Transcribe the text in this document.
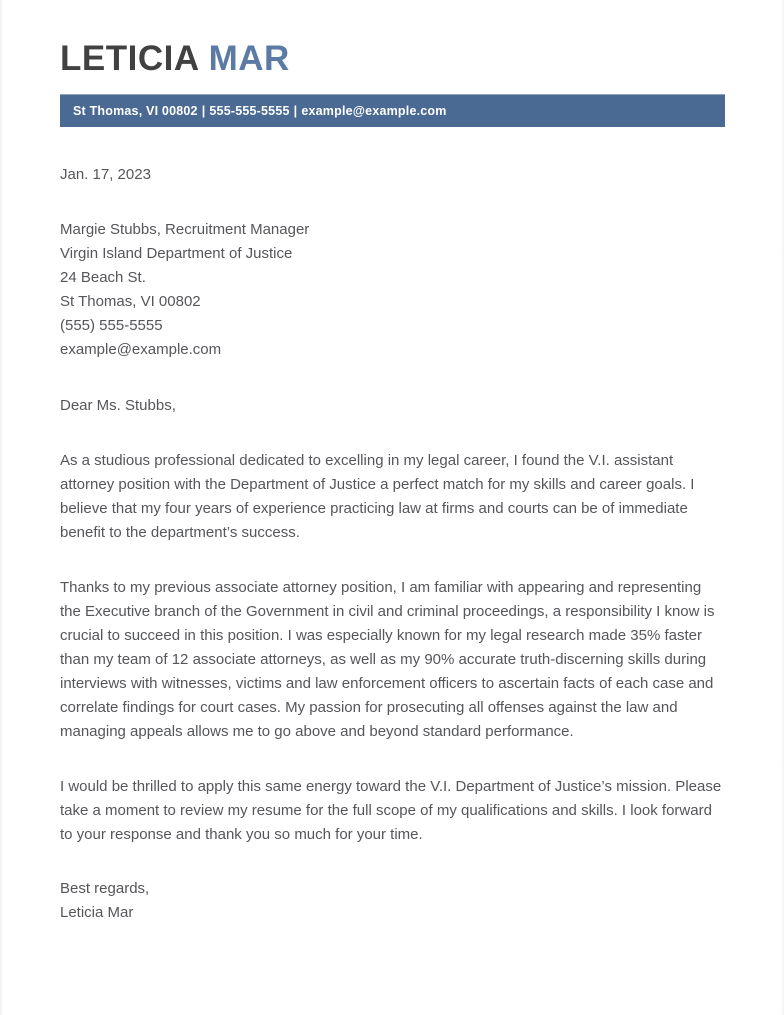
LETICIA MAR
St Thomas, VI 00802 | 555-555-5555 | example@example.com
Jan. 17, 2023
Margie Stubbs, Recruitment Manager
Virgin Island Department of Justice
24 Beach St.
St Thomas, VI 00802
(555) 555-5555
example@example.com
Dear Ms. Stubbs,
As a studious professional dedicated to excelling in my legal career, I found the V.I. assistant attorney position with the Department of Justice a perfect match for my skills and career goals. I believe that my four years of experience practicing law at firms and courts can be of immediate benefit to the department’s success.
Thanks to my previous associate attorney position, I am familiar with appearing and representing the Executive branch of the Government in civil and criminal proceedings, a responsibility I know is crucial to succeed in this position. I was especially known for my legal research made 35% faster than my team of 12 associate attorneys, as well as my 90% accurate truth-discerning skills during interviews with witnesses, victims and law enforcement officers to ascertain facts of each case and correlate findings for court cases. My passion for prosecuting all offenses against the law and managing appeals allows me to go above and beyond standard performance.
I would be thrilled to apply this same energy toward the V.I. Department of Justice’s mission. Please take a moment to review my resume for the full scope of my qualifications and skills. I look forward to your response and thank you so much for your time.
Best regards,
Leticia Mar
